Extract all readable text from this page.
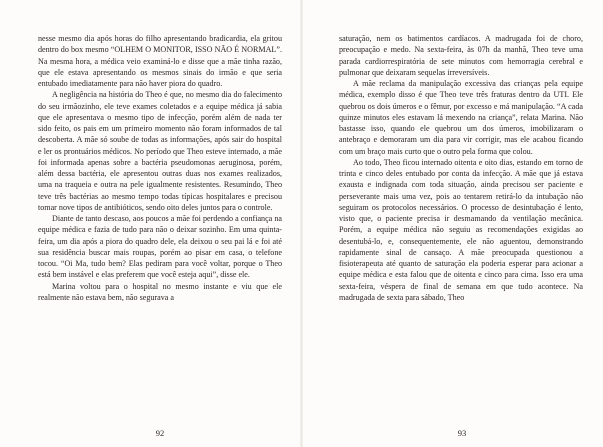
nesse mesmo dia após horas do filho apresentando bradicardia, ela gritou dentro do box mesmo “OLHEM O MONITOR, ISSO NÃO É NORMAL”. Na mesma hora, a médica veio examiná-lo e disse que a mãe tinha razão, que ele estava apresentando os mesmos sinais do irmão e que seria entubado imediatamente para não haver piora do quadro.

A negligência na história do Theo é que, no mesmo dia do falecimento do seu irmãozinho, ele teve exames coletados e a equipe médica já sabia que ele apresentava o mesmo tipo de infecção, porém além de nada ter sido feito, os pais em um primeiro momento não foram informados de tal descoberta. A mãe só soube de todas as informações, após sair do hospital e ler os prontuários médicos. No período que Theo esteve internado, a mãe foi informada apenas sobre a bactéria pseudomonas aeruginosa, porém, além dessa bactéria, ele apresentou outras duas nos exames realizados, uma na traqueia e outra na pele igualmente resistentes. Resumindo, Theo teve três bactérias ao mesmo tempo todas típicas hospitalares e precisou tomar nove tipos de antibióticos, sendo oito deles juntos para o controle.

Diante de tanto descaso, aos poucos a mãe foi perdendo a confiança na equipe médica e fazia de tudo para não o deixar sozinho. Em uma quinta-feira, um dia após a piora do quadro dele, ela deixou o seu pai lá e foi até sua residência buscar mais roupas, porém ao pisar em casa, o telefone tocou. “Oi Ma, tudo bem? Elas pediram para você voltar, porque o Theo está bem instável e elas preferem que você esteja aqui”, disse ele.

Marina voltou para o hospital no mesmo instante e viu que ele realmente não estava bem, não segurava a

saturação, nem os batimentos cardíacos. A madrugada foi de choro, preocupação e medo. Na sexta-feira, às 07h da manhã, Theo teve uma parada cardiorrespiratória de sete minutos com hemorragia cerebral e pulmonar que deixaram sequelas irreversíveis.

A mãe reclama da manipulação excessiva das crianças pela equipe médica, exemplo disso é que Theo teve três fraturas dentro da UTI. Ele quebrou os dois úmeros e o fêmur, por excesso e má manipulação. “A cada quinze minutos eles estavam lá mexendo na criança”, relata Marina. Não bastasse isso, quando ele quebrou um dos úmeros, imobilizaram o antebraço e demoraram um dia para vir corrigir, mas ele acabou ficando com um braço mais curto que o outro pela forma que colou.

Ao todo, Theo ficou internado oitenta e oito dias, estando em torno de trinta e cinco deles entubado por conta da infecção. A mãe que já estava exausta e indignada com toda situação, ainda precisou ser paciente e perseverante mais uma vez, pois ao tentarem retirá-lo da intubação não seguiram os protocolos necessários. O processo de desintubação é lento, visto que, o paciente precisa ir desmamando da ventilação mecânica. Porém, a equipe médica não seguiu as recomendações exigidas ao desentubá-lo, e, consequentemente, ele não aguentou, demonstrando rapidamente sinal de cansaço. A mãe preocupada questionou a fisioterapeuta até quanto de saturação ela poderia esperar para acionar a equipe médica e esta falou que de oitenta e cinco para cima. Isso era uma sexta-feira, véspera de final de semana em que tudo acontece. Na madrugada de sexta para sábado, Theo

92	93
